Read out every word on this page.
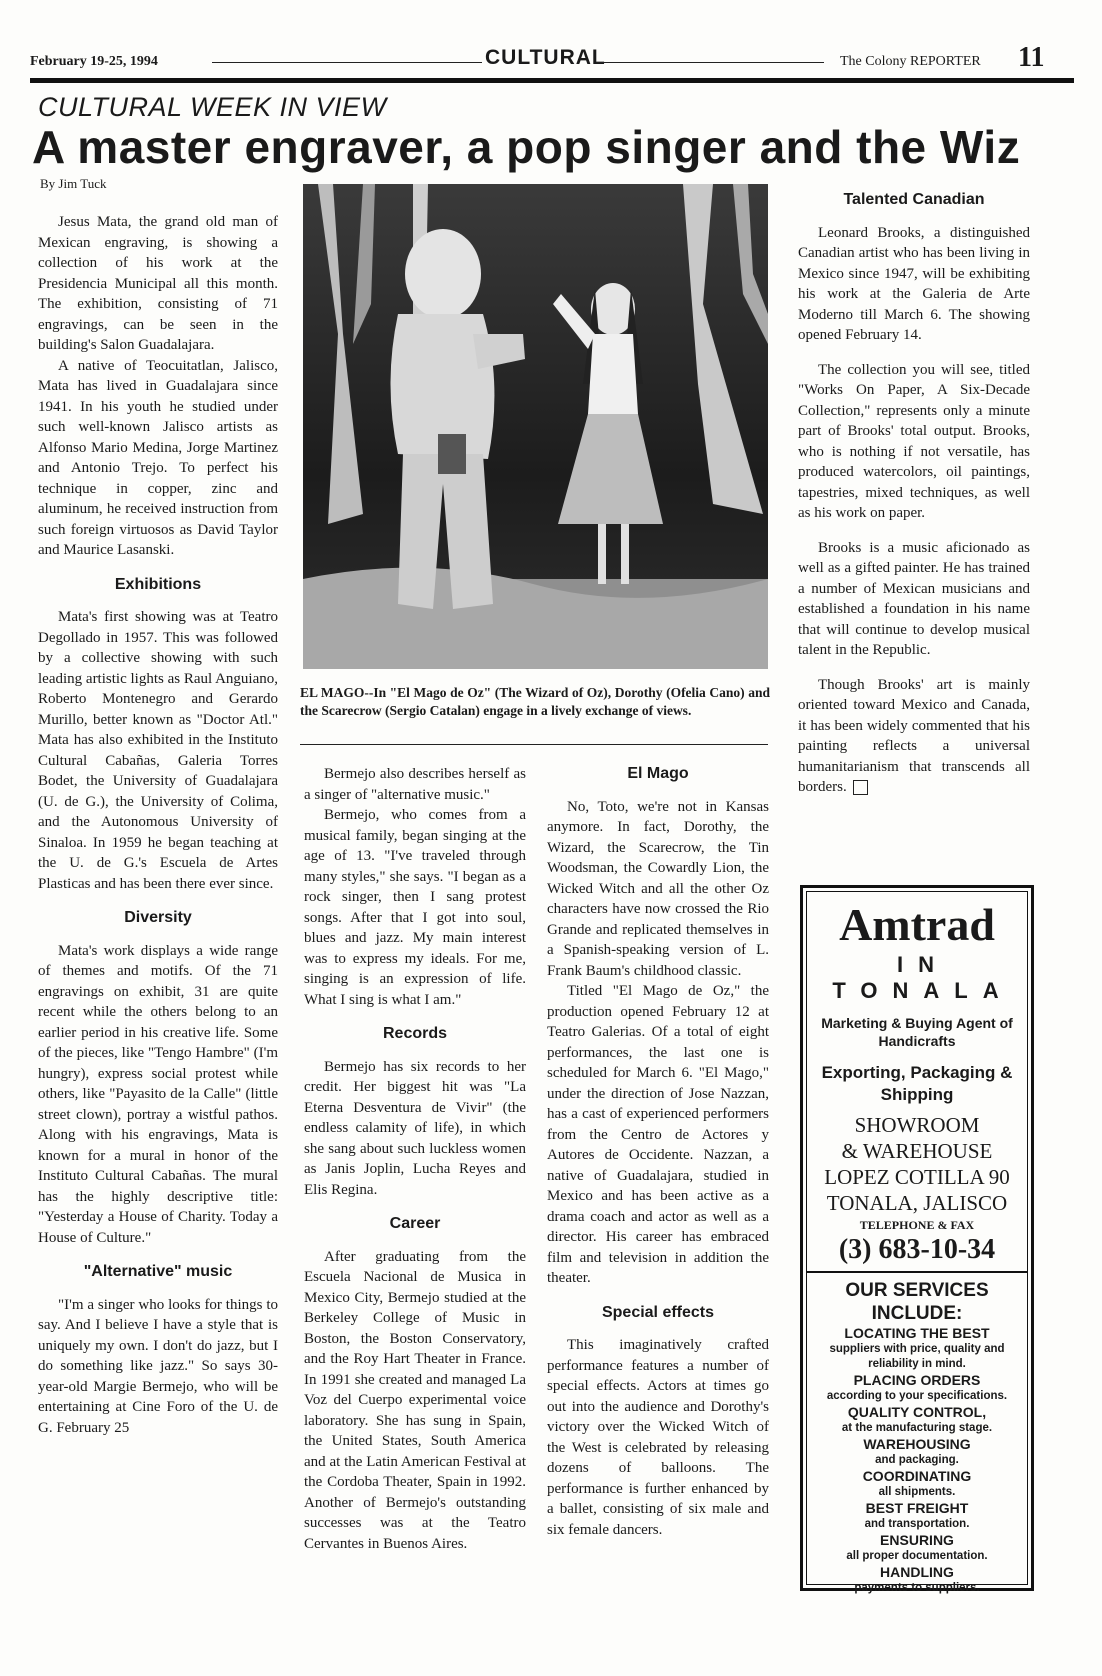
February 19-25, 1994	CULTURAL	The Colony REPORTER 11
CULTURAL WEEK IN VIEW
A master engraver, a pop singer and the Wiz
By Jim Tuck

Jesus Mata, the grand old man of Mexican engraving, is showing a collection of his work at the Presidencia Municipal all this month. The exhibition, consisting of 71 engravings, can be seen in the building's Salon Guadalajara.

A native of Teocuitatlan, Jalisco, Mata has lived in Guadalajara since 1941. In his youth he studied under such well-known Jalisco artists as Alfonso Mario Medina, Jorge Martinez and Antonio Trejo. To perfect his technique in copper, zinc and aluminum, he received instruction from such foreign virtuosos as David Taylor and Maurice Lasanski.

Exhibitions

Mata's first showing was at Teatro Degollado in 1957. This was followed by a collective showing with such leading artistic lights as Raul Anguiano, Roberto Montenegro and Gerardo Murillo, better known as "Doctor Atl." Mata has also exhibited in the Instituto Cultural Cabañas, Galeria Torres Bodet, the University of Guadalajara (U. de G.), the University of Colima, and the Autonomous University of Sinaloa. In 1959 he began teaching at the U. de G.'s Escuela de Artes Plasticas and has been there ever since.

Diversity

Mata's work displays a wide range of themes and motifs. Of the 71 engravings on exhibit, 31 are quite recent while the others belong to an earlier period in his creative life. Some of the pieces, like "Tengo Hambre" (I'm hungry), express social protest while others, like "Payasito de la Calle" (little street clown), portray a wistful pathos. Along with his engravings, Mata is known for a mural in honor of the Instituto Cultural Cabañas. The mural has the highly descriptive title: "Yesterday a House of Charity. Today a House of Culture."

"Alternative" music

"I'm a singer who looks for things to say. And I believe I have a style that is uniquely my own. I don't do jazz, but I do something like jazz." So says 30-year-old Margie Bermejo, who will be entertaining at Cine Foro of the U. de G. February 25

EL MAGO--In "El Mago de Oz" (The Wizard of Oz), Dorothy (Ofelia Cano) and the Scarecrow (Sergio Catalan) engage in a lively exchange of views.

Bermejo also describes herself as a singer of "alternative music."

Bermejo, who comes from a musical family, began singing at the age of 13. "I've traveled through many styles," she says. "I began as a rock singer, then I sang protest songs. After that I got into soul, blues and jazz. My main interest was to express my ideals. For me, singing is an expression of life. What I sing is what I am."

Records

Bermejo has six records to her credit. Her biggest hit was "La Eterna Desventura de Vivir" (the endless calamity of life), in which she sang about such luckless women as Janis Joplin, Lucha Reyes and Elis Regina.

Career

After graduating from the Escuela Nacional de Musica in Mexico City, Bermejo studied at the Berkeley College of Music in Boston, the Boston Conservatory, and the Roy Hart Theater in France. In 1991 she created and managed La Voz del Cuerpo experimental voice laboratory. She has sung in Spain, the United States, South America and at the Latin American Festival at the Cordoba Theater, Spain in 1992. Another of Bermejo's outstanding successes was at the Teatro Cervantes in Buenos Aires.

El Mago

No, Toto, we're not in Kansas anymore. In fact, Dorothy, the Wizard, the Scarecrow, the Tin Woodsman, the Cowardly Lion, the Wicked Witch and all the other Oz characters have now crossed the Rio Grande and replicated themselves in a Spanish-speaking version of L. Frank Baum's childhood classic.

Titled "El Mago de Oz," the production opened February 12 at Teatro Galerias. Of a total of eight performances, the last one is scheduled for March 6. "El Mago," under the direction of Jose Nazzan, has a cast of experienced performers from the Centro de Actores y Autores de Occidente. Nazzan, a native of Guadalajara, studied in Mexico and has been active as a drama coach and actor as well as a director. His career has embraced film and television in addition the theater.

Special effects

This imaginatively crafted performance features a number of special effects. Actors at times go out into the audience and Dorothy's victory over the Wicked Witch of the West is celebrated by releasing dozens of balloons. The performance is further enhanced by a ballet, consisting of six male and six female dancers.

Talented Canadian

Leonard Brooks, a distinguished Canadian artist who has been living in Mexico since 1947, will be exhibiting his work at the Galeria de Arte Moderno till March 6. The showing opened February 14.

The collection you will see, titled "Works On Paper, A Six-Decade Collection," represents only a minute part of Brooks' total output. Brooks, who is nothing if not versatile, has produced watercolors, oil paintings, tapestries, mixed techniques, as well as his work on paper.

Brooks is a music aficionado as well as a gifted painter. He has trained a number of Mexican musicians and established a foundation in his name that will continue to develop musical talent in the Republic.

Though Brooks' art is mainly oriented toward Mexico and Canada, it has been widely commented that his painting reflects a universal humanitarianism that transcends all borders.

Amtrad
IN TONALA
Marketing & Buying Agent of Handicrafts
Exporting, Packaging & Shipping
SHOWROOM
& WAREHOUSE
LOPEZ COTILLA 90
TONALA, JALISCO
TELEPHONE & FAX
(3) 683-10-34
OUR SERVICES INCLUDE:
LOCATING THE BEST
suppliers with price, quality and reliability in mind.
PLACING ORDERS
according to your specifications.
QUALITY CONTROL,
at the manufacturing stage.
WAREHOUSING
and packaging.
COORDINATING
all shipments.
BEST FREIGHT
and transportation.
ENSURING
all proper documentation.
HANDLING
payments to suppliers.
